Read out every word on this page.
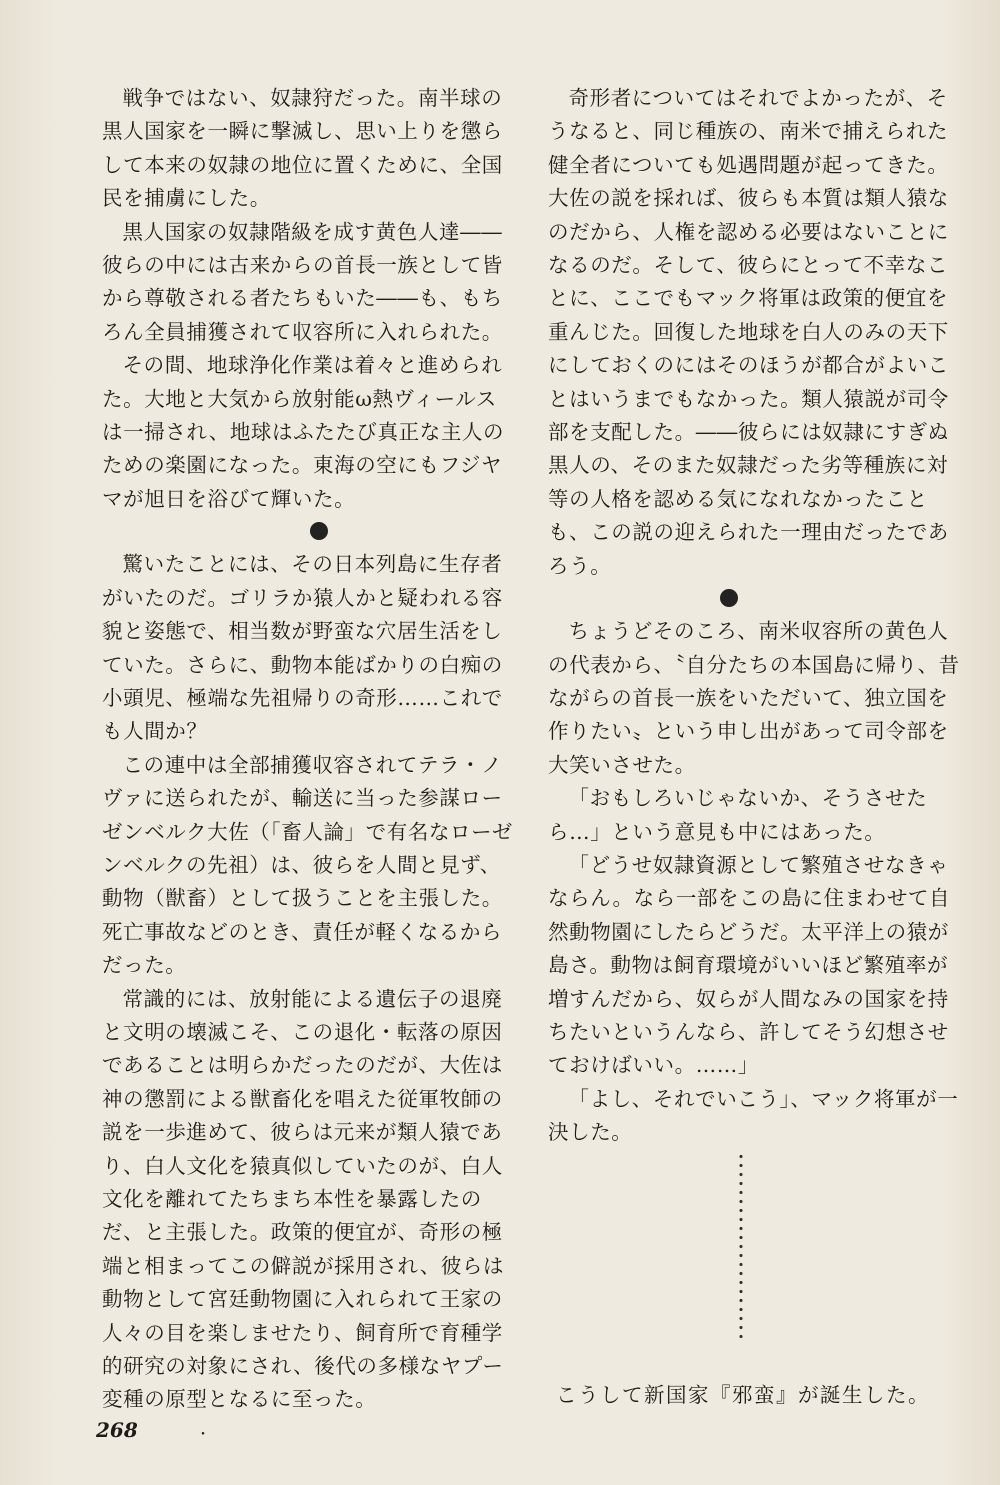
戦争ではない、奴隷狩だった。南半球の黒人国家を一瞬に撃滅し、思い上りを懲らして本来の奴隷の地位に置くために、全国民を捕虜にした。

黒人国家の奴隷階級を成す黄色人達――彼らの中には古来からの首長一族として皆から尊敬される者たちもいた――も、もちろん全員捕獲されて収容所に入れられた。

その間、地球浄化作業は着々と進められた。大地と大気から放射能ω熱ヴィールスは一掃され、地球はふたたび真正な主人のための楽園になった。東海の空にもフジヤマが旭日を浴びて輝いた。

驚いたことには、その日本列島に生存者がいたのだ。ゴリラか猿人かと疑われる容貌と姿態で、相当数が野蛮な穴居生活をしていた。さらに、動物本能ばかりの白痴の小頭児、極端な先祖帰りの奇形……これでも人間か？

この連中は全部捕獲収容されてテラ・ノヴァに送られたが、輸送に当った参謀ローゼンベルク大佐（「畜人論」で有名なローゼンベルクの先祖）は、彼らを人間と見ず、動物（獣畜）として扱うことを主張した。死亡事故などのとき、責任が軽くなるからだった。

常識的には、放射能による遺伝子の退廃と文明の壊滅こそ、この退化・転落の原因であることは明らかだったのだが、大佐は神の懲罰による獣畜化を唱えた従軍牧師の説を一歩進めて、彼らは元来が類人猿であり、白人文化を猿真似していたのが、白人文化を離れてたちまち本性を暴露したのだ、と主張した。政策的便宜が、奇形の極端と相まってこの僻説が採用され、彼らは動物として宮廷動物園に入れられて王家の人々の目を楽しませたり、飼育所で育種学的研究の対象にされ、後代の多様なヤプー変種の原型となるに至った。

奇形者についてはそれでよかったが、そうなると、同じ種族の、南米で捕えられた健全者についても処遇問題が起ってきた。大佐の説を採れば、彼らも本質は類人猿なのだから、人権を認める必要はないことになるのだ。そして、彼らにとって不幸なことに、ここでもマック将軍は政策的便宜を重んじた。回復した地球を白人のみの天下にしておくのにはそのほうが都合がよいことはいうまでもなかった。類人猿説が司令部を支配した。――彼らには奴隷にすぎぬ黒人の、そのまた奴隷だった劣等種族に対等の人格を認める気になれなかったことも、この説の迎えられた一理由だったであろう。

ちょうどそのころ、南米収容所の黄色人の代表から、〝自分たちの本国島に帰り、昔ながらの首長一族をいただいて、独立国を作りたい〟という申し出があって司令部を大笑いさせた。

「おもしろいじゃないか、そうさせたら…」という意見も中にはあった。

「どうせ奴隷資源として繁殖させなきゃならん。なら一部をこの島に住まわせて自然動物園にしたらどうだ。太平洋上の猿が島さ。動物は飼育環境がいいほど繁殖率が増すんだから、奴らが人間なみの国家を持ちたいというんなら、許してそう幻想させておけばいい。……」

「よし、それでいこう」、マック将軍が一決した。

こうして新国家『邪蛮』が誕生した。
268	・
